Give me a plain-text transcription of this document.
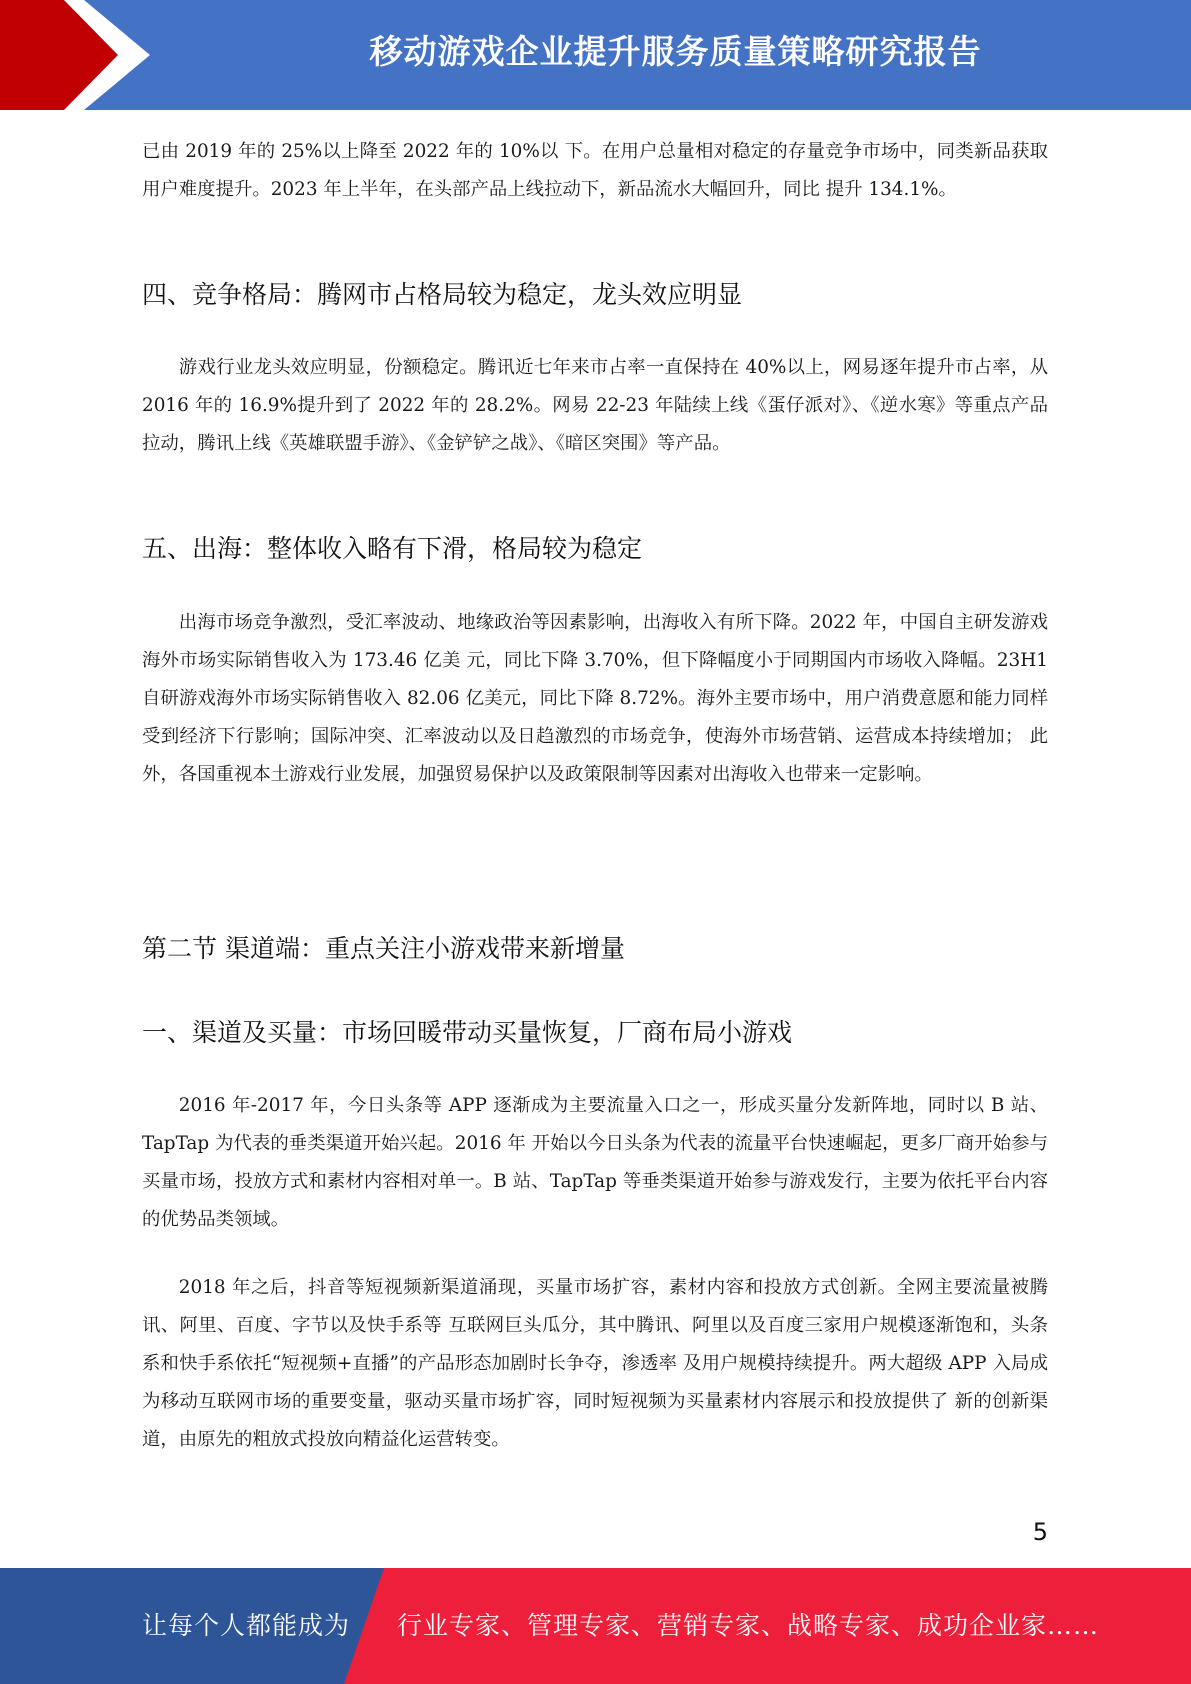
移动游戏企业提升服务质量策略研究报告
已由 2019 年的 25%以上降至 2022 年的 10%以 下。在用户总量相对稳定的存量竞争市场中，同类新品获取用户难度提升。2023 年上半年，在头部产品上线拉动下，新品流水大幅回升，同比 提升 134.1%。
四、竞争格局：腾网市占格局较为稳定，龙头效应明显
游戏行业龙头效应明显，份额稳定。腾讯近七年来市占率一直保持在 40%以上，网易逐年提升市占率，从 2016 年的 16.9%提升到了 2022 年的 28.2%。网易 22-23 年陆续上线《蛋仔派对》、《逆水寒》等重点产品拉动，腾讯上线《英雄联盟手游》、《金铲铲之战》、《暗区突围》等产品。
五、出海：整体收入略有下滑，格局较为稳定
出海市场竞争激烈，受汇率波动、地缘政治等因素影响，出海收入有所下降。2022 年，中国自主研发游戏海外市场实际销售收入为 173.46 亿美 元，同比下降 3.70%，但下降幅度小于同期国内市场收入降幅。23H1 自研游戏海外市场实际销售收入 82.06 亿美元，同比下降 8.72%。海外主要市场中，用户消费意愿和能力同样受到经济下行影响；国际冲突、汇率波动以及日趋激烈的市场竞争，使海外市场营销、运营成本持续增加； 此外，各国重视本土游戏行业发展，加强贸易保护以及政策限制等因素对出海收入也带来一定影响。
第二节 渠道端：重点关注小游戏带来新增量
一、渠道及买量：市场回暖带动买量恢复，厂商布局小游戏
2016 年-2017 年，今日头条等 APP 逐渐成为主要流量入口之一，形成买量分发新阵地，同时以 B 站、TapTap 为代表的垂类渠道开始兴起。2016 年 开始以今日头条为代表的流量平台快速崛起，更多厂商开始参与买量市场，投放方式和素材内容相对单一。B 站、TapTap 等垂类渠道开始参与游戏发行，主要为依托平台内容的优势品类领域。
2018 年之后，抖音等短视频新渠道涌现，买量市场扩容，素材内容和投放方式创新。全网主要流量被腾讯、阿里、百度、字节以及快手系等 互联网巨头瓜分，其中腾讯、阿里以及百度三家用户规模逐渐饱和，头条系和快手系依托“短视频+直播”的产品形态加剧时长争夺，渗透率 及用户规模持续提升。两大超级 APP 入局成为移动互联网市场的重要变量，驱动买量市场扩容，同时短视频为买量素材内容展示和投放提供了 新的创新渠道，由原先的粗放式投放向精益化运营转变。
5
让每个人都能成为 行业专家、管理专家、营销专家、战略专家、成功企业家……
